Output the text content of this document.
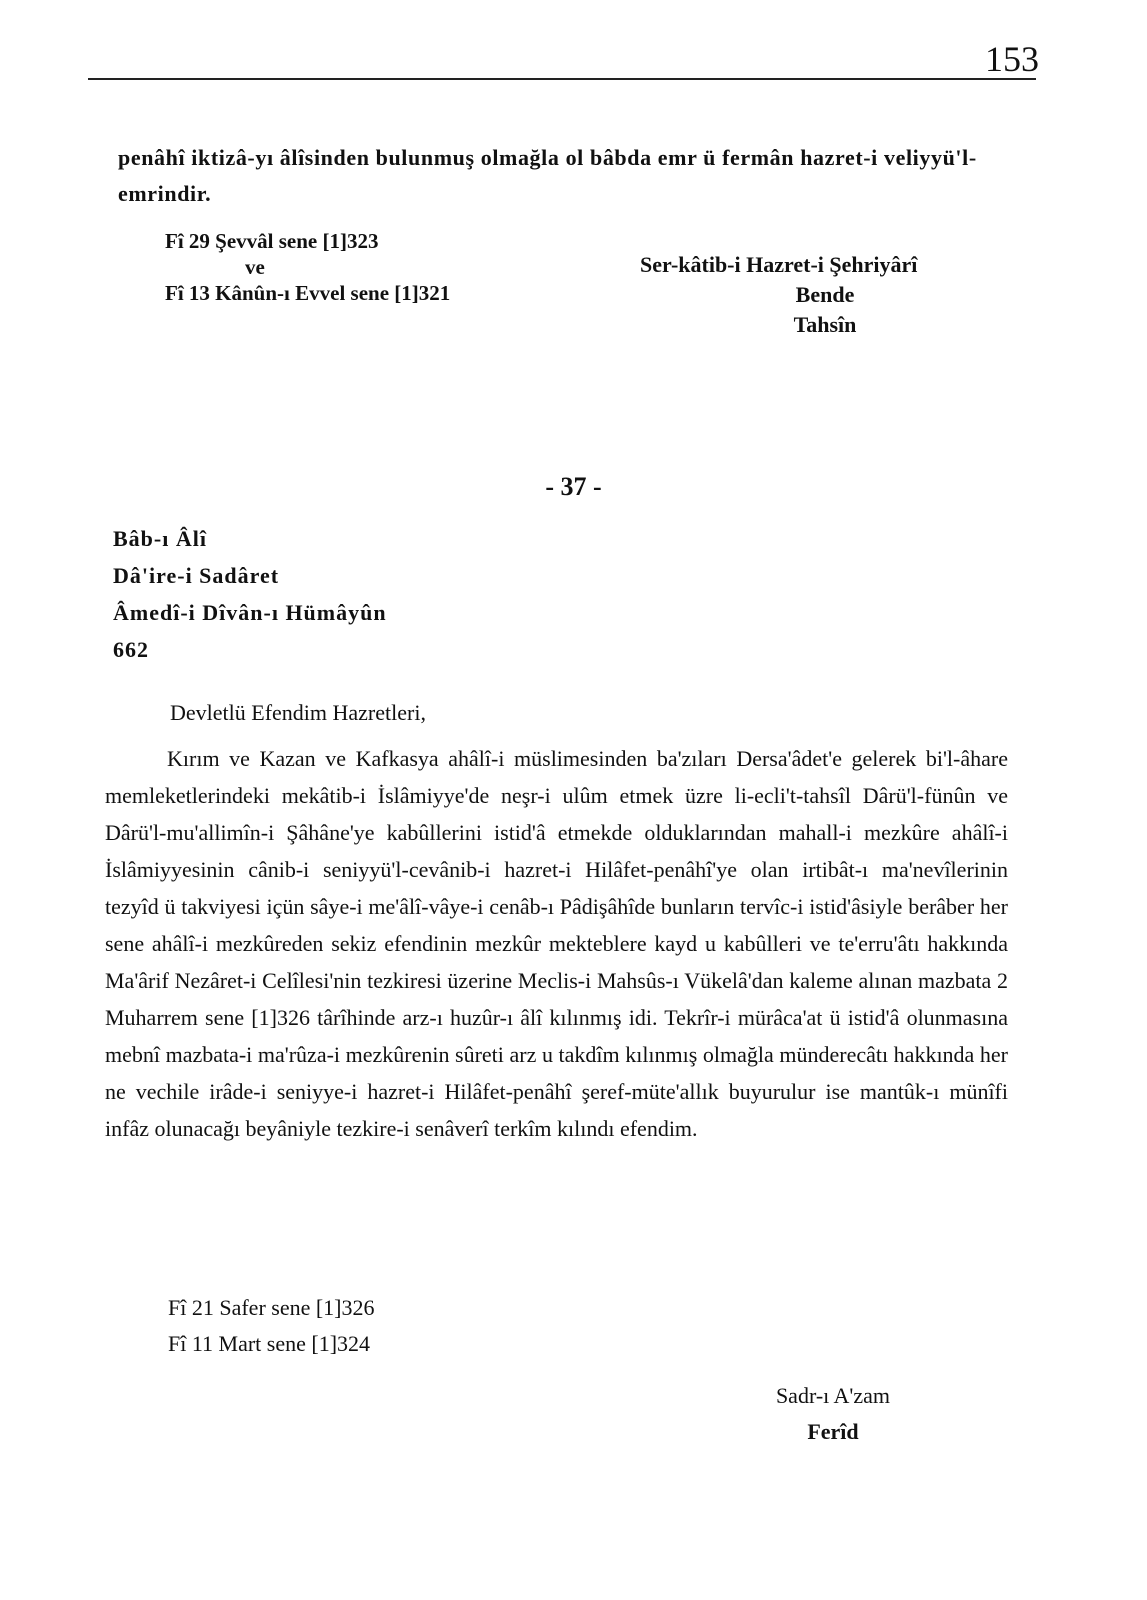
153

penâhî iktizâ-yı âlîsinden bulunmuş olmağla ol bâbda emr ü fermân hazret-i veliyyü'l-emrindir.

Fî 29 Şevvâl sene [1]323
ve
Fî 13 Kânûn-ı Evvel sene [1]321
Ser-kâtib-i Hazret-i Şehriyârî
Bende
Tahsîn
- 37 -
Bâb-ı Âlî
Dâ'ire-i Sadâret
Âmedî-i Dîvân-ı Hümâyûn
662
Devletlü Efendim Hazretleri,

Kırım ve Kazan ve Kafkasya ahâlî-i müslimesinden ba'zıları Dersa'âdet'e gelerek bi'l-âhare memleketlerindeki mekâtib-i İslâmiyye'de neşr-i ulûm etmek üzre li-ecli't-tahsîl Dârü'l-fünûn ve Dârü'l-mu'allimîn-i Şâhâne'ye kabûllerini istid'â etmekde olduklarından mahall-i mezkûre ahâlî-i İslâmiyyesinin cânib-i seniyyü'l-cevânib-i hazret-i Hilâfet-penâhî'ye olan irtibât-ı ma'nevîlerinin tezyîd ü takviyesi içün sâye-i me'âlî-vâye-i cenâb-ı Pâdişâhîde bunların tervîc-i istid'âsiyle berâber her sene ahâlî-i mezkûreden sekiz efendinin mezkûr mekteblere kayd u kabûlleri ve te'erru'âtı hakkında Ma'ârif Nezâret-i Celîlesi'nin tezkiresi üzerine Meclis-i Mahsûs-ı Vükelâ'dan kaleme alınan mazbata 2 Muharrem sene [1]326 târîhinde arz-ı huzûr-ı âlî kılınmış idi. Tekrîr-i mürâca'at ü istid'â olunmasına mebnî mazbata-i ma'rûza-i mezkûrenin sûreti arz u takdîm kılınmış olmağla münderecâtı hakkında her ne vechile irâde-i seniyye-i hazret-i Hilâfet-penâhî şeref-müte'allık buyurulur ise mantûk-ı münîfi infâz olunacağı beyâniyle tezkire-i senâverî terkîm kılındı efendim.

Fî 21 Safer sene [1]326
Fî 11 Mart sene [1]324
Sadr-ı A'zam
Ferîd
